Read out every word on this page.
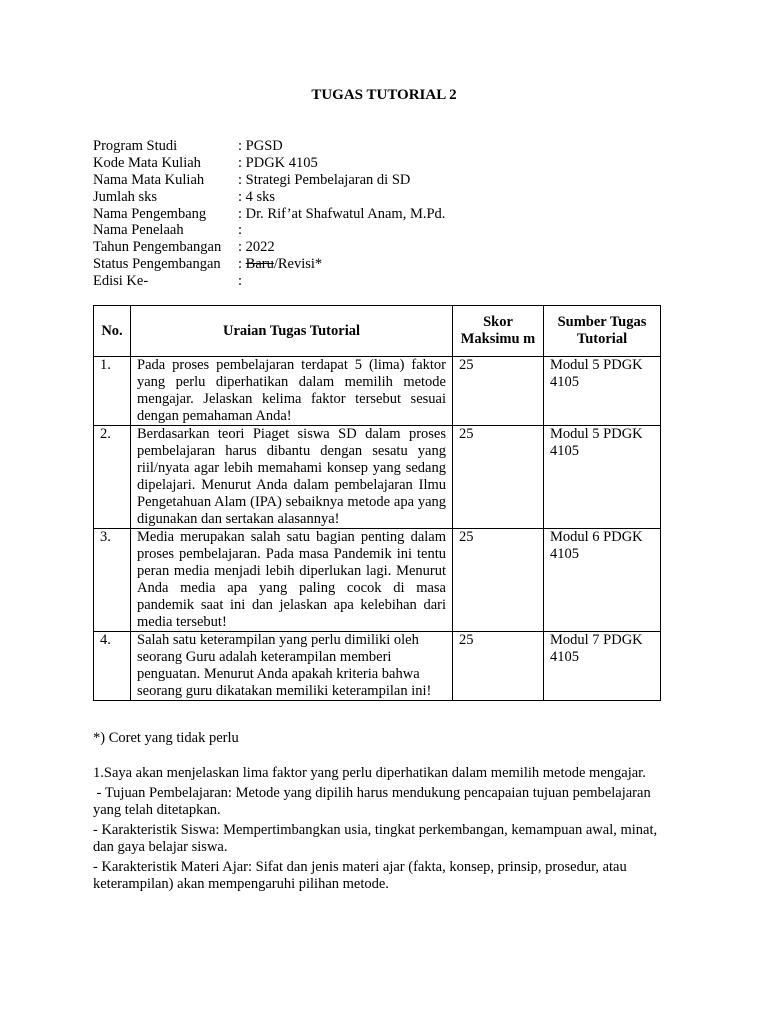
TUGAS TUTORIAL 2
Program Studi	: PGSD
Kode Mata Kuliah	: PDGK 4105
Nama Mata Kuliah	: Strategi Pembelajaran di SD
Jumlah sks	: 4 sks
Nama Pengembang	: Dr. Rif’at Shafwatul Anam, M.Pd.
Nama Penelaah	:
Tahun Pengembangan	: 2022
Status Pengembangan	: Baru/Revisi*
Edisi Ke-	:
No.	Uraian Tugas Tutorial	Skor Maksimu m	Sumber Tugas Tutorial
1.	Pada proses pembelajaran terdapat 5 (lima) faktor yang perlu diperhatikan dalam memilih metode mengajar. Jelaskan kelima faktor tersebut sesuai dengan pemahaman Anda!	25	Modul 5 PDGK 4105
2.	Berdasarkan teori Piaget siswa SD dalam proses pembelajaran harus dibantu dengan sesatu yang riil/nyata agar lebih memahami konsep yang sedang dipelajari. Menurut Anda dalam pembelajaran Ilmu Pengetahuan Alam (IPA) sebaiknya metode apa yang digunakan dan sertakan alasannya!	25	Modul 5 PDGK 4105
3.	Media merupakan salah satu bagian penting dalam proses pembelajaran. Pada masa Pandemik ini tentu peran media menjadi lebih diperlukan lagi. Menurut Anda media apa yang paling cocok di masa pandemik saat ini dan jelaskan apa kelebihan dari media tersebut!	25	Modul 6 PDGK 4105
4.	Salah satu keterampilan yang perlu dimiliki oleh seorang Guru adalah keterampilan memberi penguatan. Menurut Anda apakah kriteria bahwa seorang guru dikatakan memiliki keterampilan ini!	25	Modul 7 PDGK 4105
*) Coret yang tidak perlu

1.Saya akan menjelaskan lima faktor yang perlu diperhatikan dalam memilih metode mengajar.

- Tujuan Pembelajaran: Metode yang dipilih harus mendukung pencapaian tujuan pembelajaran yang telah ditetapkan.

- Karakteristik Siswa: Mempertimbangkan usia, tingkat perkembangan, kemampuan awal, minat, dan gaya belajar siswa.

- Karakteristik Materi Ajar: Sifat dan jenis materi ajar (fakta, konsep, prinsip, prosedur, atau keterampilan) akan mempengaruhi pilihan metode.
